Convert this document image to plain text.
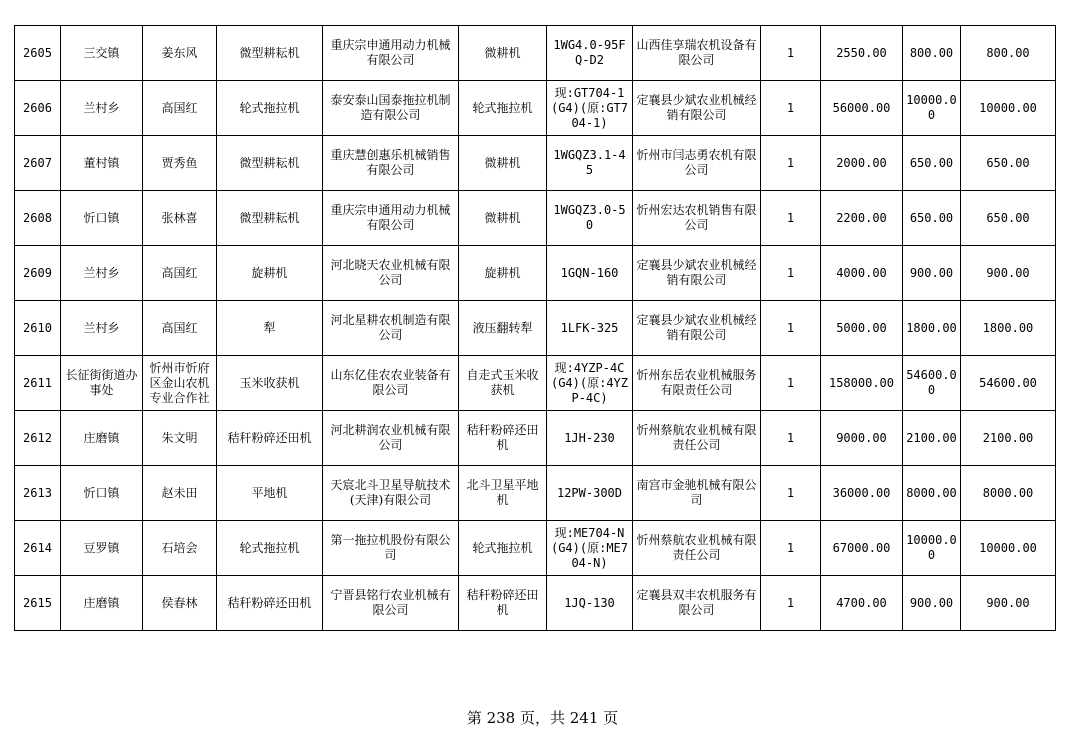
2605	三交镇	姜东风	微型耕耘机	重庆宗申通用动力机械有限公司	微耕机	1WG4.0-95FQ-D2	山西佳享瑞农机设备有限公司	1	2550.00	800.00	800.00
2606	兰村乡	高国红	轮式拖拉机	泰安泰山国泰拖拉机制造有限公司	轮式拖拉机	现:GT704-1(G4)(原:GT704-1)	定襄县少斌农业机械经销有限公司	1	56000.00	10000.00	10000.00
2607	董村镇	贾秀鱼	微型耕耘机	重庆慧创惠乐机械销售有限公司	微耕机	1WGQZ3.1-45	忻州市闫志勇农机有限公司	1	2000.00	650.00	650.00
2608	忻口镇	张林喜	微型耕耘机	重庆宗申通用动力机械有限公司	微耕机	1WGQZ3.0-50	忻州宏达农机销售有限公司	1	2200.00	650.00	650.00
2609	兰村乡	高国红	旋耕机	河北晓天农业机械有限公司	旋耕机	1GQN-160	定襄县少斌农业机械经销有限公司	1	4000.00	900.00	900.00
2610	兰村乡	高国红	犁	河北星耕农机制造有限公司	液压翻转犁	1LFK-325	定襄县少斌农业机械经销有限公司	1	5000.00	1800.00	1800.00
2611	长征街街道办事处	忻州市忻府区金山农机专业合作社	玉米收获机	山东亿佳农农业装备有限公司	自走式玉米收获机	现:4YZP-4C(G4)(原:4YZP-4C)	忻州东岳农业机械服务有限责任公司	1	158000.00	54600.00	54600.00
2612	庄磨镇	朱文明	秸秆粉碎还田机	河北耕润农业机械有限公司	秸秆粉碎还田机	1JH-230	忻州蔡航农业机械有限责任公司	1	9000.00	2100.00	2100.00
2613	忻口镇	赵未田	平地机	天宸北斗卫星导航技术(天津)有限公司	北斗卫星平地机	12PW-300D	南宫市金驰机械有限公司	1	36000.00	8000.00	8000.00
2614	豆罗镇	石培会	轮式拖拉机	第一拖拉机股份有限公司	轮式拖拉机	现:ME704-N(G4)(原:ME704-N)	忻州蔡航农业机械有限责任公司	1	67000.00	10000.00	10000.00
2615	庄磨镇	侯春林	秸秆粉碎还田机	宁晋县铭行农业机械有限公司	秸秆粉碎还田机	1JQ-130	定襄县双丰农机服务有限公司	1	4700.00	900.00	900.00
第 238 页，共 241 页
